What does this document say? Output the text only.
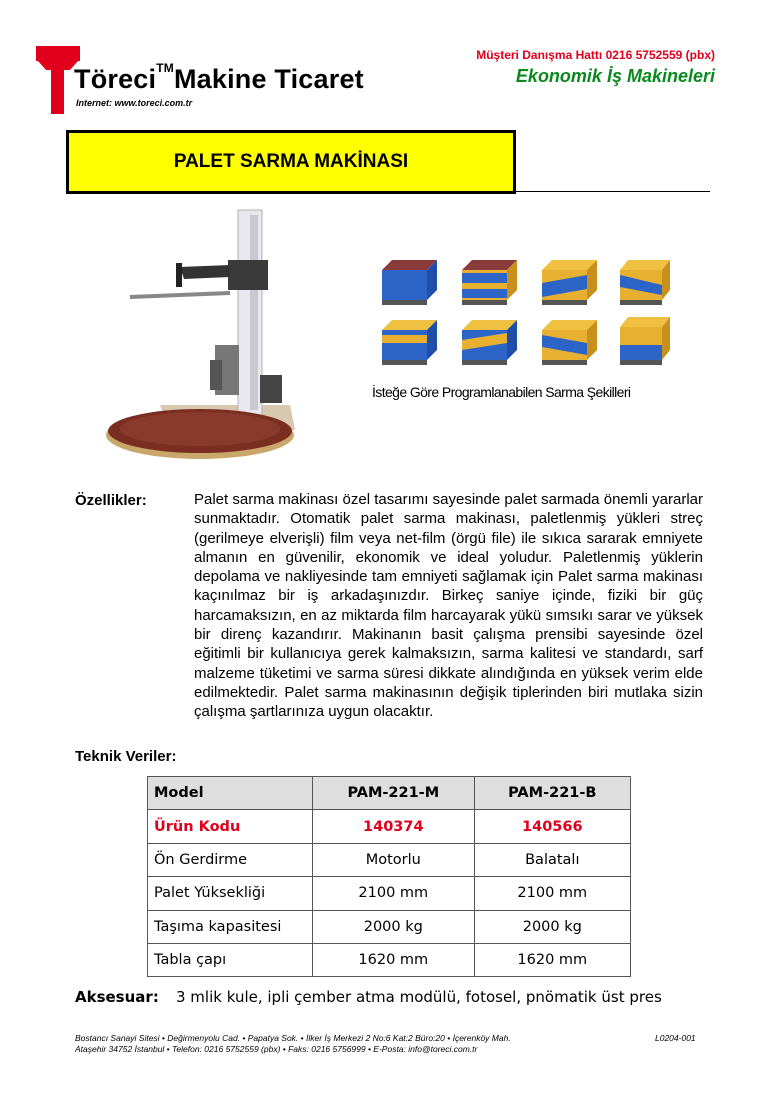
Töreci™Makine Ticaret
Internet: www.toreci.com.tr
Müşteri Danışma Hattı 0216 5752559 (pbx)
Ekonomik İş Makineleri
PALET SARMA MAKİNASI
İsteğe Göre Programlanabilen Sarma Şekilleri
Özellikler:	Palet sarma makinası özel tasarımı sayesinde palet sarmada önemli yararlar sunmaktadır. Otomatik palet sarma makinası, paletlenmiş yükleri streç (gerilmeye elverişli) film veya net-film (örgü file) ile sıkıca sararak emniyete almanın en güvenilir, ekonomik ve ideal yoludur. Paletlenmiş yüklerin depolama ve nakliyesinde tam emniyeti sağlamak için Palet sarma makinası kaçınılmaz bir iş arkadaşınızdır. Birkeç saniye içinde, fiziki bir güç harcamaksızın, en az miktarda film harcayarak yükü sımsıkı sarar ve yüksek bir direnç kazandırır. Makinanın basit çalışma prensibi sayesinde özel eğitimli bir kullanıcıya gerek kalmaksızın, sarma kalitesi ve standardı, sarf malzeme tüketimi ve sarma süresi dikkate alındığında en yüksek verim elde edilmektedir. Palet sarma makinasının değişik tiplerinden biri mutlaka sizin çalışma şartlarınıza uygun olacaktır.
Teknik Veriler:
Model	PAM-221-M	PAM-221-B
Ürün Kodu	140374	140566
Ön Gerdirme	Motorlu	Balatalı
Palet Yüksekliği	2100 mm	2100 mm
Taşıma kapasitesi	2000 kg	2000 kg
Tabla çapı	1620 mm	1620 mm
Aksesuar: 3 mlik kule, ipli çember atma modülü, fotosel, pnömatik üst pres
Bostancı Sanayi Sitesi • Değirmenyolu Cad. • Papatya Sok. • İlker İş Merkezi 2 No:6 Kat:2 Büro:20 • İçerenköy Mah.
Ataşehir 34752 İstanbul • Telefon: 0216 5752559 (pbx) • Faks: 0216 5756999 • E-Posta: info@toreci.com.tr
L0204-001
